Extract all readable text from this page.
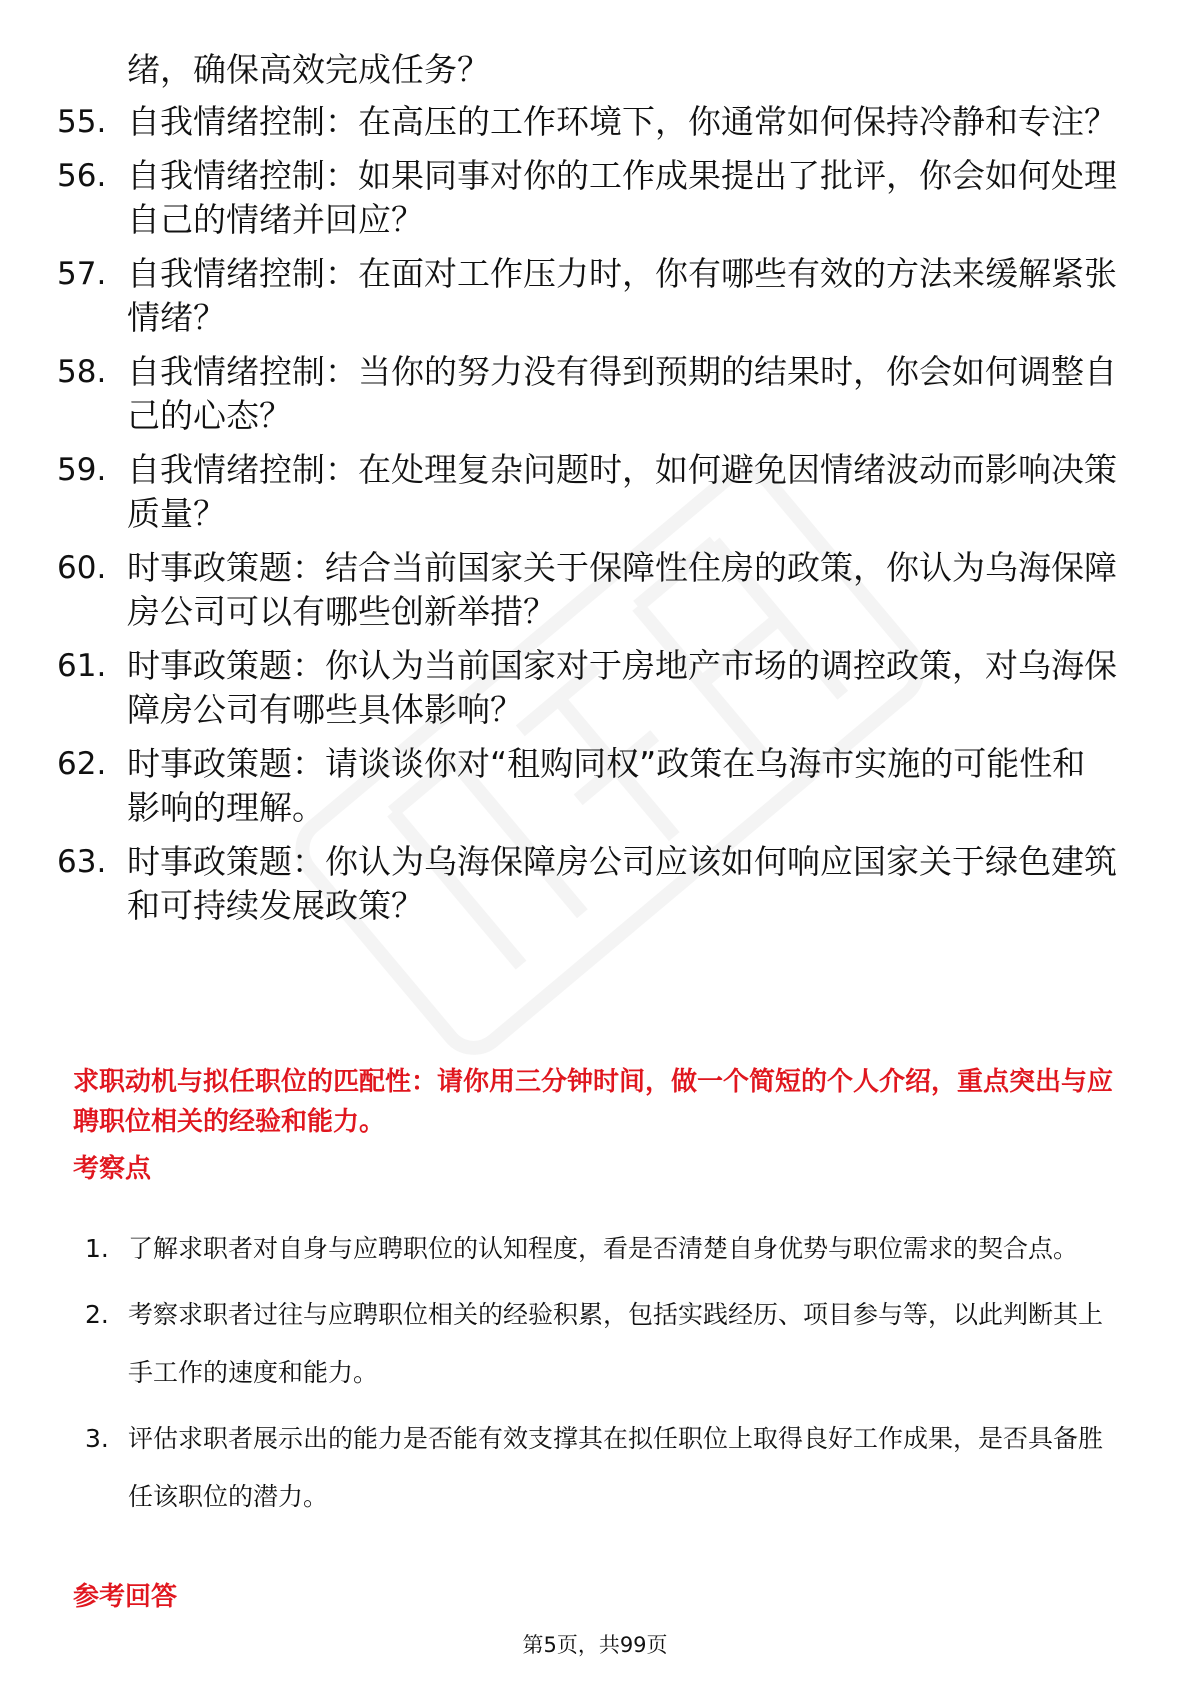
绪，确保高效完成任务？
55. 自我情绪控制：在高压的工作环境下，你通常如何保持冷静和专注？
56. 自我情绪控制：如果同事对你的工作成果提出了批评，你会如何处理自己的情绪并回应？
57. 自我情绪控制：在面对工作压力时，你有哪些有效的方法来缓解紧张情绪？
58. 自我情绪控制：当你的努力没有得到预期的结果时，你会如何调整自己的心态？
59. 自我情绪控制：在处理复杂问题时，如何避免因情绪波动而影响决策质量？
60. 时事政策题：结合当前国家关于保障性住房的政策，你认为乌海保障房公司可以有哪些创新举措？
61. 时事政策题：你认为当前国家对于房地产市场的调控政策，对乌海保障房公司有哪些具体影响？
62. 时事政策题：请谈谈你对“租购同权”政策在乌海市实施的可能性和影响的理解。
63. 时事政策题：你认为乌海保障房公司应该如何响应国家关于绿色建筑和可持续发展政策？
求职动机与拟任职位的匹配性：请你用三分钟时间，做一个简短的个人介绍，重点突出与应聘职位相关的经验和能力。
考察点
1. 了解求职者对自身与应聘职位的认知程度，看是否清楚自身优势与职位需求的契合点。
2. 考察求职者过往与应聘职位相关的经验积累，包括实践经历、项目参与等，以此判断其上手工作的速度和能力。
3. 评估求职者展示出的能力是否能有效支撑其在拟任职位上取得良好工作成果，是否具备胜任该职位的潜力。
参考回答
第5页，共99页
